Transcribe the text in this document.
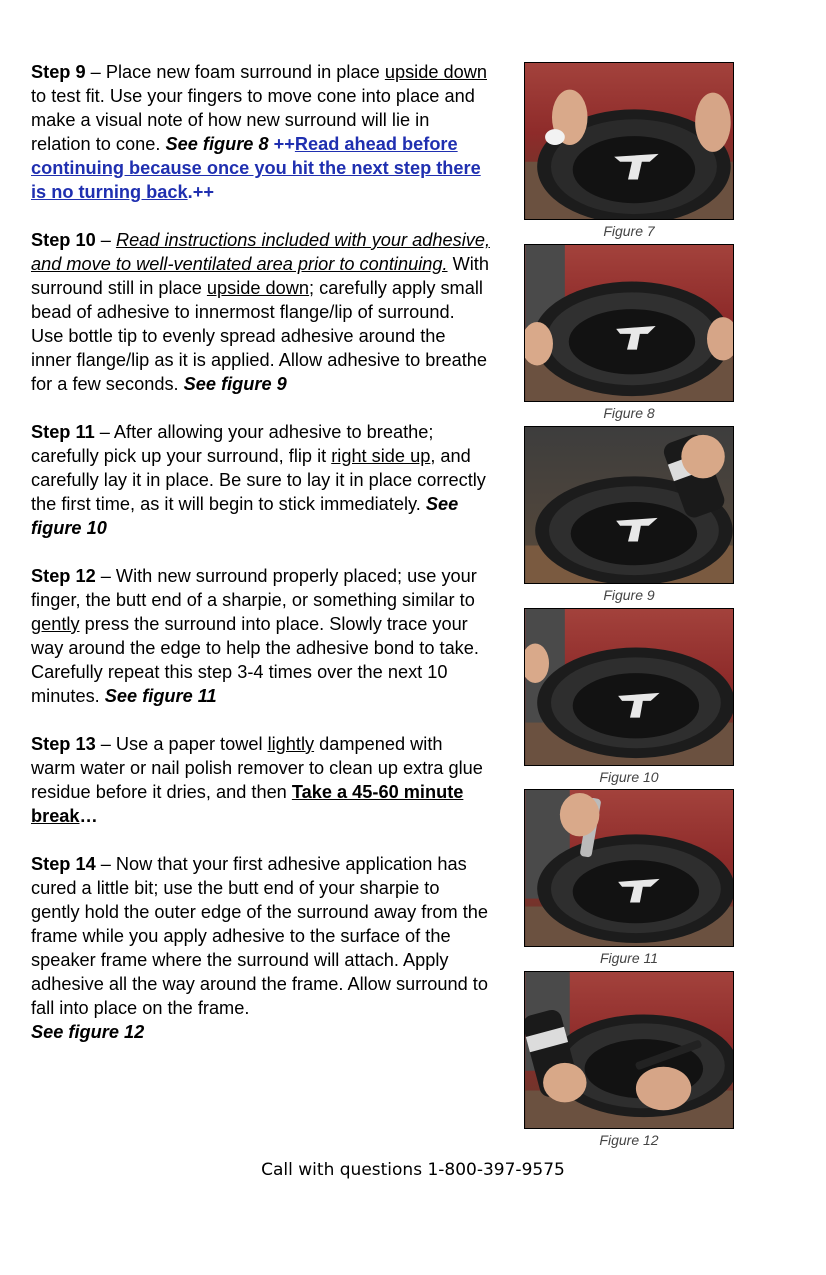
Step 9 – Place new foam surround in place upside down to test fit. Use your fingers to move cone into place and make a visual note of how new surround will lie in relation to cone. See figure 8 ++Read ahead before continuing because once you hit the next step there is no turning back.++

Step 10 – Read instructions included with your adhesive, and move to well-ventilated area prior to continuing. With surround still in place upside down; carefully apply small bead of adhesive to innermost flange/lip of surround. Use bottle tip to evenly spread adhesive around the inner flange/lip as it is applied. Allow adhesive to breathe for a few seconds. See figure 9

Step 11 – After allowing your adhesive to breathe; carefully pick up your surround, flip it right side up, and carefully lay it in place. Be sure to lay it in place correctly the first time, as it will begin to stick immediately. See figure 10

Step 12 – With new surround properly placed; use your finger, the butt end of a sharpie, or something similar to gently press the surround into place. Slowly trace your way around the edge to help the adhesive bond to take. Carefully repeat this step 3-4 times over the next 10 minutes. See figure 11

Step 13 – Use a paper towel lightly dampened with warm water or nail polish remover to clean up extra glue residue before it dries, and then Take a 45-60 minute break…

Step 14 – Now that your first adhesive application has cured a little bit; use the butt end of your sharpie to gently hold the outer edge of the surround away from the frame while you apply adhesive to the surface of the speaker frame where the surround will attach. Apply adhesive all the way around the frame. Allow surround to fall into place on the frame.
See figure 12

Figure 7
Figure 8
Figure 9
Figure 10
Figure 11
Figure 12
Call with questions 1-800-397-9575
